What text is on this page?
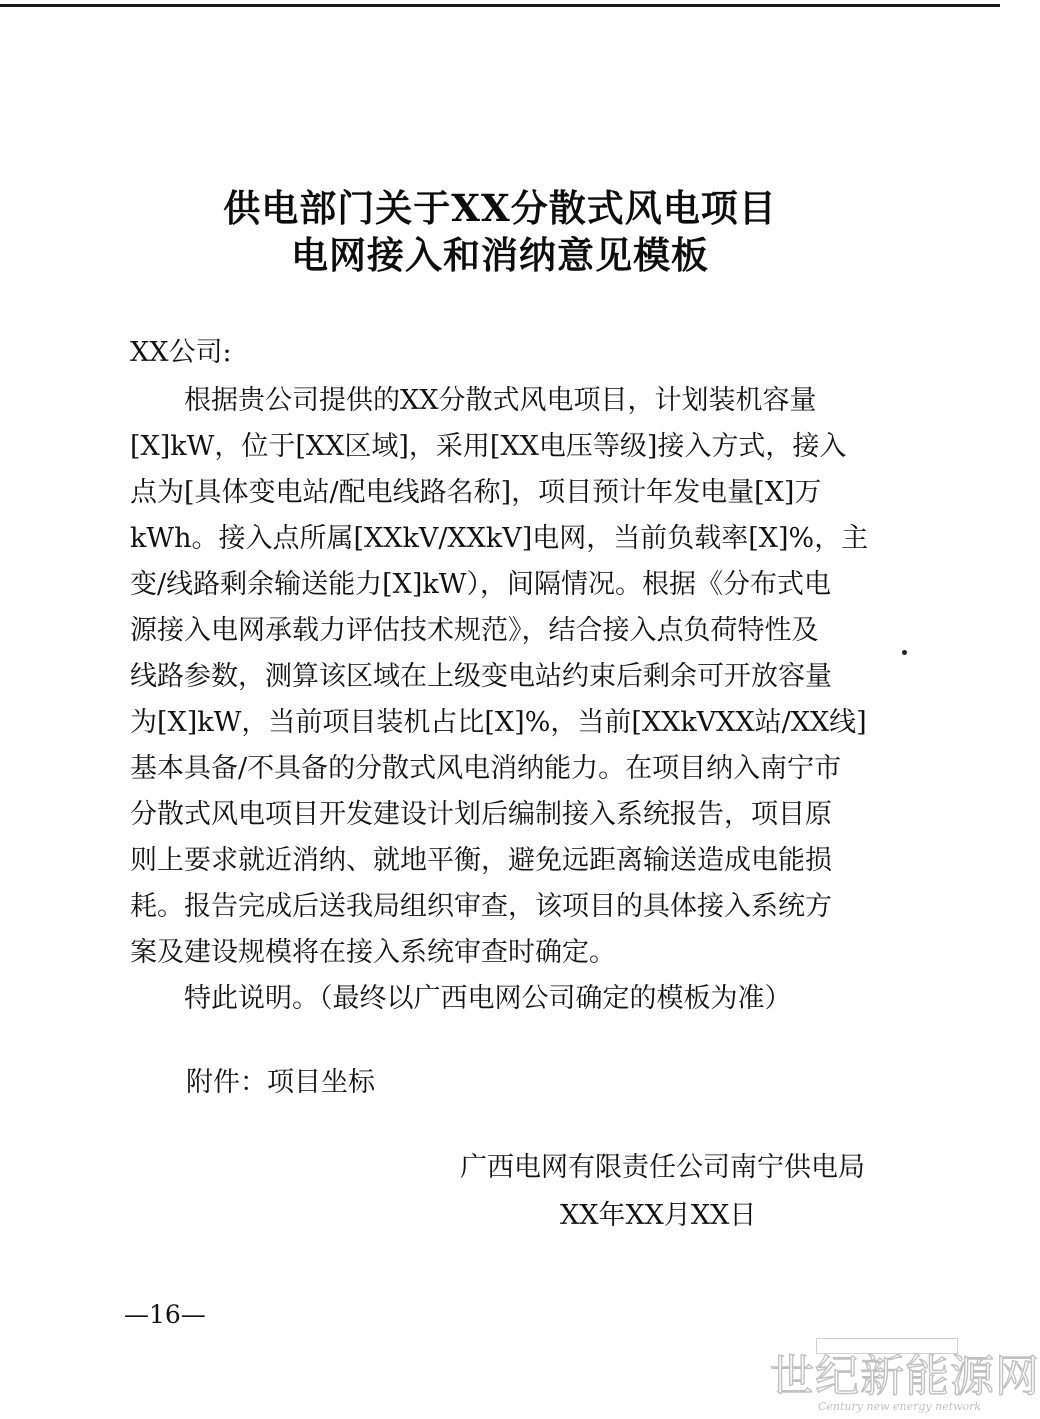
供电部门关于XX分散式风电项目
电网接入和消纳意见模板
XX公司:
　　根据贵公司提供的XX分散式风电项目，计划装机容量
[X]kW，位于[XX区域]，采用[XX电压等级]接入方式，接入
点为[具体变电站/配电线路名称]，项目预计年发电量[X]万
kWh。接入点所属[XXkV/XXkV]电网，当前负载率[X]%，主
变/线路剩余输送能力[X]kW），间隔情况。根据《分布式电
源接入电网承载力评估技术规范》，结合接入点负荷特性及
线路参数，测算该区域在上级变电站约束后剩余可开放容量
为[X]kW，当前项目装机占比[X]%，当前[XXkVXX站/XX线]
基本具备/不具备的分散式风电消纳能力。在项目纳入南宁市
分散式风电项目开发建设计划后编制接入系统报告，项目原
则上要求就近消纳、就地平衡，避免远距离输送造成电能损
耗。报告完成后送我局组织审查，该项目的具体接入系统方
案及建设规模将在接入系统审查时确定。
　　特此说明。（最终以广西电网公司确定的模板为准）
附件：项目坐标
广西电网有限责任公司南宁供电局
XX年XX月XX日
—16—
世纪新能源网
Century new energy network
